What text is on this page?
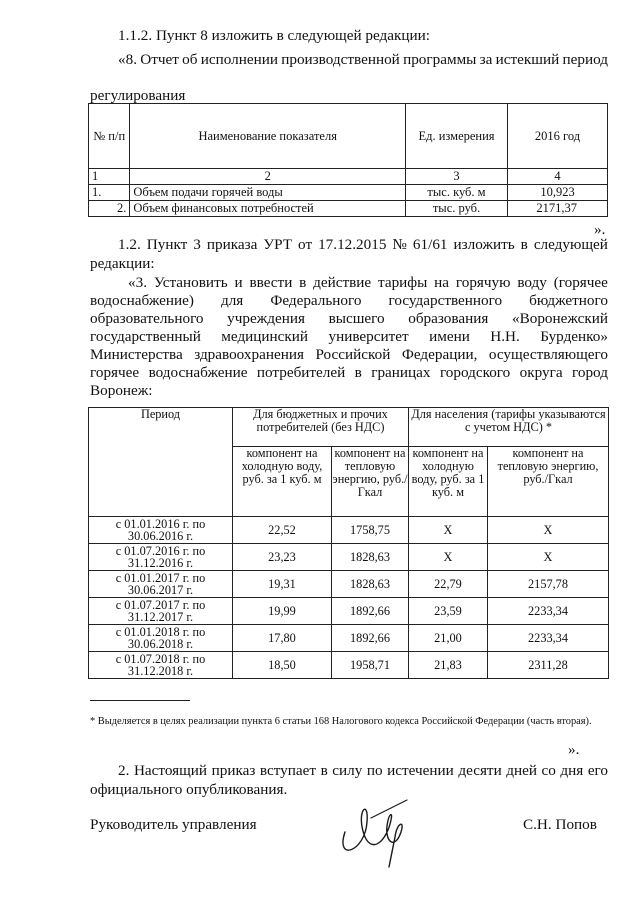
1.1.2. Пункт 8 изложить в следующей редакции:
«8. Отчет об исполнении производственной программы за истекший период
регулирования
№ п/п	Наименование показателя	Ед. измерения	2016 год
1	2	3	4
1.	Объем подачи горячей воды	тыс. куб. м	10,923
2.	Объем финансовых потребностей	тыс. руб.	2171,37
».
1.2. Пункт 3 приказа УРТ от 17.12.2015 № 61/61 изложить в следующей
редакции:
«3. Установить и ввести в действие тарифы на горячую воду (горячее
водоснабжение) для Федерального государственного бюджетного
образовательного учреждения высшего образования «Воронежский
государственный медицинский университет имени Н.Н. Бурденко»
Министерства здравоохранения Российской Федерации, осуществляющего
горячее водоснабжение потребителей в границах городского округа город
Воронеж:
Период	Для бюджетных и прочих потребителей (без НДС)		Для населения (тарифы указываются с учетом НДС) *	
	компонент на холодную воду, руб. за 1 куб. м	компонент на тепловую энергию, руб./Гкал	компонент на холодную воду, руб. за 1 куб. м	компонент на тепловую энергию, руб./Гкал
с 01.01.2016 г. по 30.06.2016 г.	22,52	1758,75	Х	Х
с 01.07.2016 г. по 31.12.2016 г.	23,23	1828,63	Х	Х
с 01.01.2017 г. по 30.06.2017 г.	19,31	1828,63	22,79	2157,78
с 01.07.2017 г. по 31.12.2017 г.	19,99	1892,66	23,59	2233,34
с 01.01.2018 г. по 30.06.2018 г.	17,80	1892,66	21,00	2233,34
с 01.07.2018 г. по 31.12.2018 г.	18,50	1958,71	21,83	2311,28
* Выделяется в целях реализации пункта 6 статьи 168 Налогового кодекса Российской Федерации (часть вторая).
».
2. Настоящий приказ вступает в силу по истечении десяти дней со дня его
официального опубликования.
Руководитель управления	С.Н. Попов
